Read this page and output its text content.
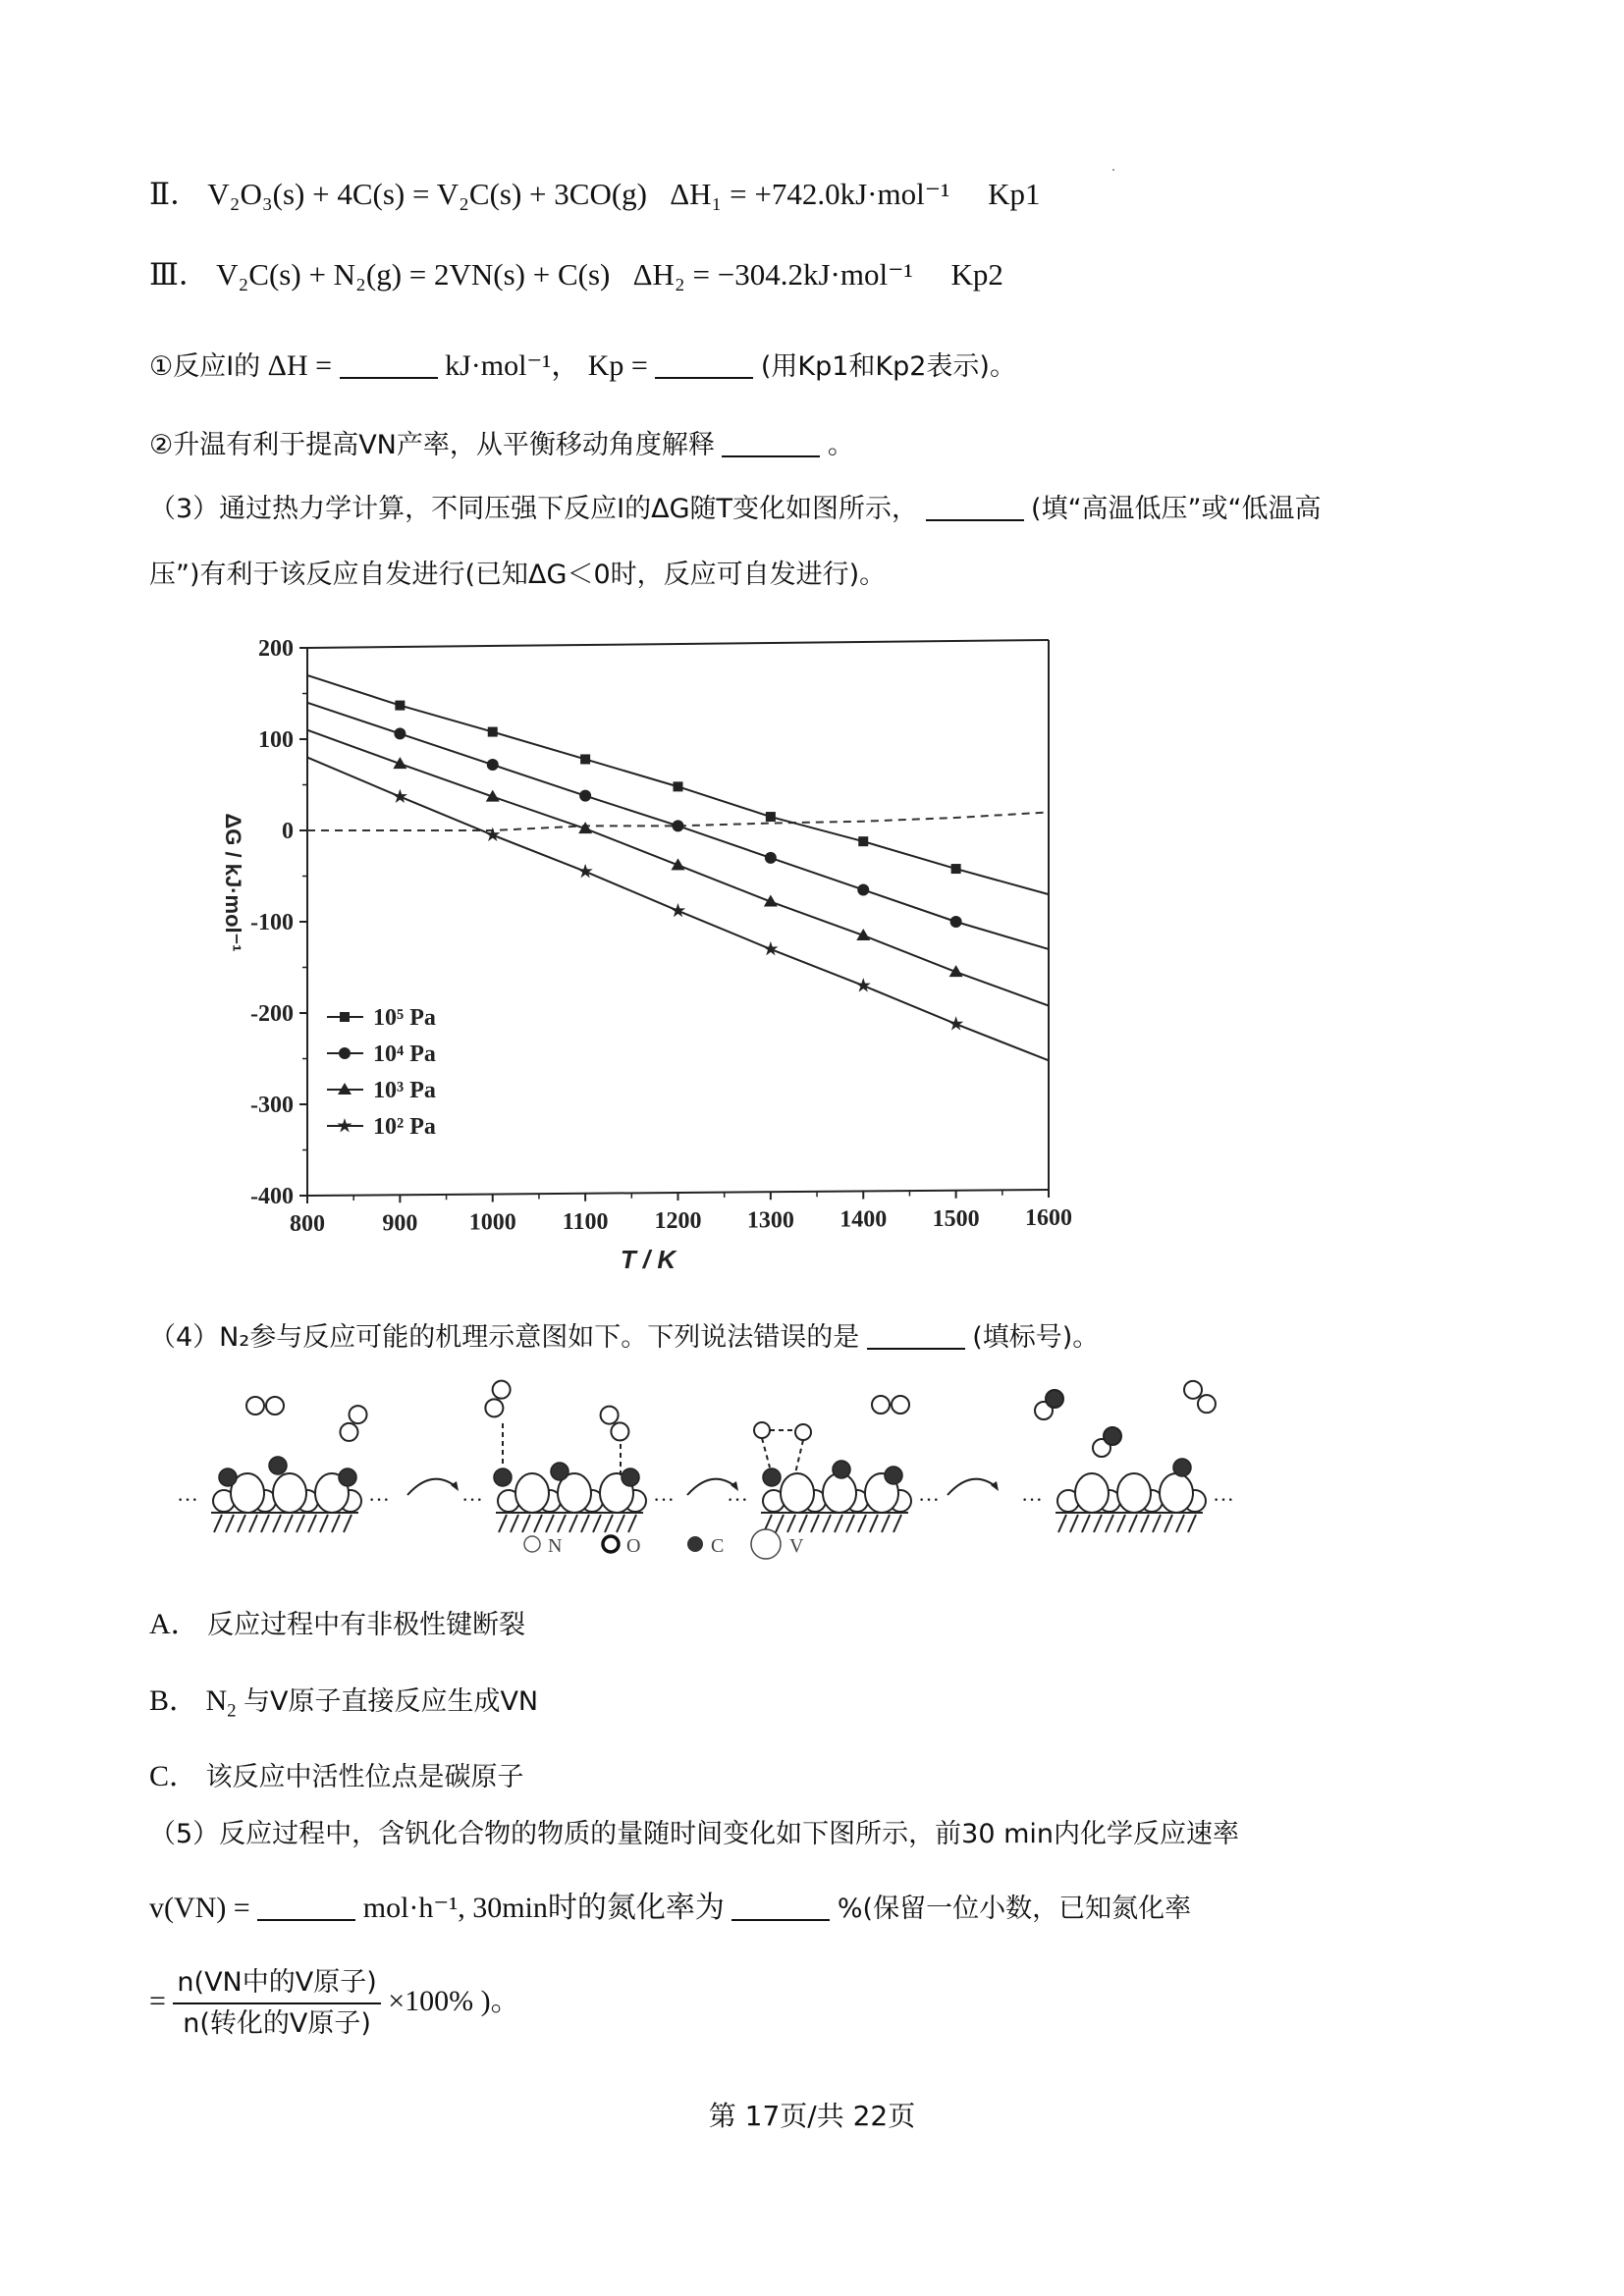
Ⅱ． V₂O₃(s) + 4C(s) = V₂C(s) + 3CO(g) ΔH₁ = +742.0kJ·mol⁻¹ Kp1
Ⅲ． V₂C(s) + N₂(g) = 2VN(s) + C(s) ΔH₂ = −304.2kJ·mol⁻¹ Kp2
①反应Ⅰ的 ΔH =	kJ·mol⁻¹， Kp =	(用Kp1和Kp2表示)。
②升温有利于提高VN产率，从平衡移动角度解释	。
（3）通过热力学计算，不同压强下反应Ⅰ的ΔG随T变化如图所示，	(填“高温低压”或“低温高
压”)有利于该反应自发进行(已知ΔG＜0时，反应可自发进行)。
200
100
0
-100
-200
-300
-400
800 900 1000 1100 1200 1300 1400 1500 1600
T / K
ΔG / kJ·mol⁻¹
10⁵ Pa
10⁴ Pa
10³ Pa
10² Pa
（4）N₂参与反应可能的机理示意图如下。下列说法错误的是	(填标号)。
···	···	···	··· ···	···	···	···
N	O	C	V
A． 反应过程中有非极性键断裂
B． $N_2$ 与V原子直接反应生成VN
C． 该反应中活性位点是碳原子
（5）反应过程中，含钒化合物的物质的量随时间变化如下图所示，前30 min内化学反应速率
v(VN) =	mol·h⁻¹, 30min时的氮化率为	%(保留一位小数，已知氮化率
= $\frac{\text{n(VN中的V原子)}}{\text{n(转化的V原子)}} \times 100\%$ )。
第 17页/共 22页
